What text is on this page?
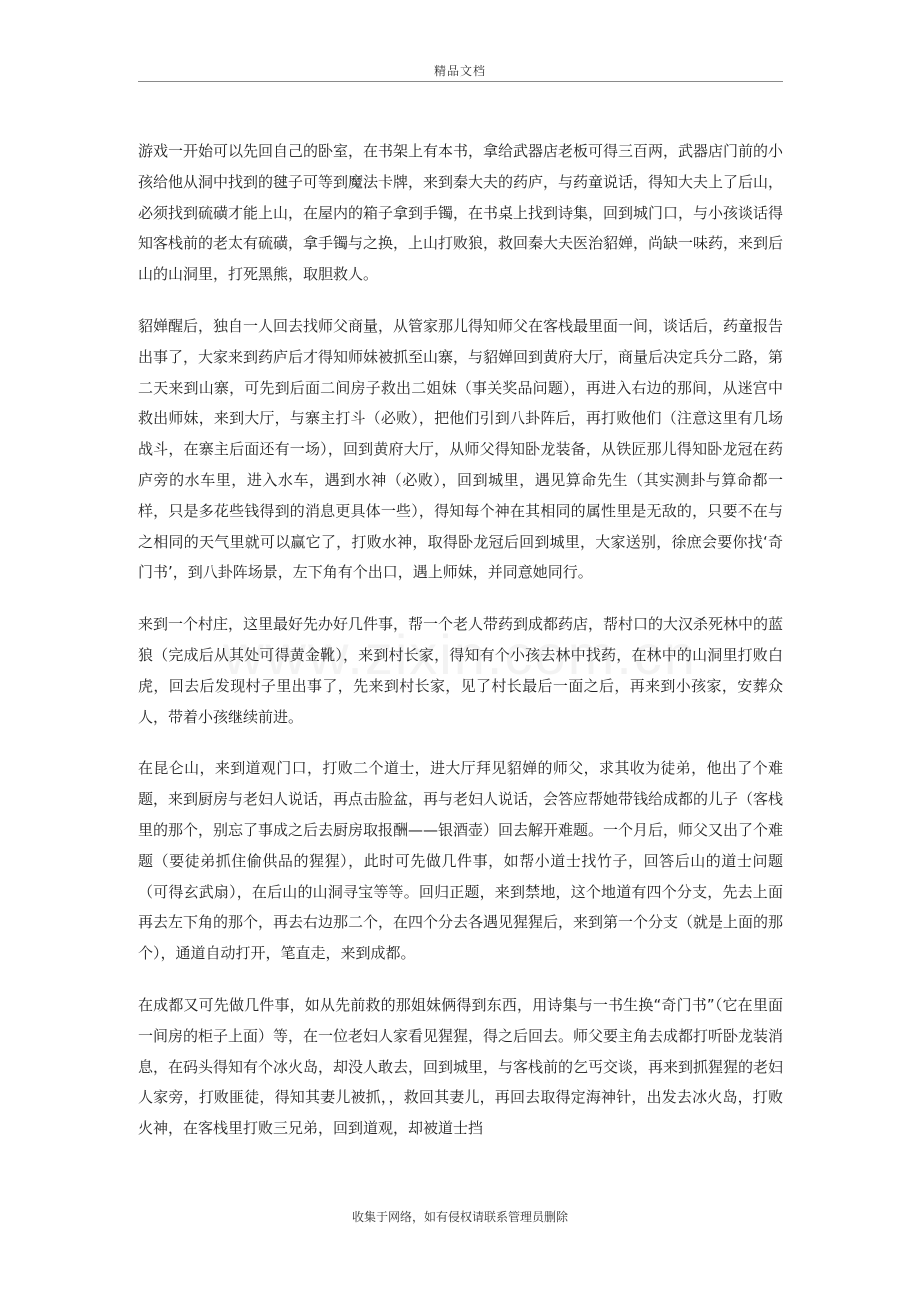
精品文档

游戏一开始可以先回自己的卧室，在书架上有本书，拿给武器店老板可得三百两，武器店门前的小孩给他从洞中找到的毽子可等到魔法卡牌，来到秦大夫的药庐，与药童说话，得知大夫上了后山，必须找到硫磺才能上山，在屋内的箱子拿到手镯，在书桌上找到诗集，回到城门口，与小孩谈话得知客栈前的老太有硫磺，拿手镯与之换，上山打败狼，救回秦大夫医治貂婵，尚缺一味药，来到后山的山洞里，打死黑熊，取胆救人。

貂婵醒后，独自一人回去找师父商量，从管家那儿得知师父在客栈最里面一间，谈话后，药童报告出事了，大家来到药庐后才得知师妹被抓至山寨，与貂婵回到黄府大厅，商量后决定兵分二路，第二天来到山寨，可先到后面二间房子救出二姐妹（事关奖品问题），再进入右边的那间，从迷宫中救出师妹，来到大厅，与寨主打斗（必败），把他们引到八卦阵后，再打败他们（注意这里有几场战斗，在寨主后面还有一场），回到黄府大厅，从师父得知卧龙装备，从铁匠那儿得知卧龙冠在药庐旁的水车里，进入水车，遇到水神（必败），回到城里，遇见算命先生（其实测卦与算命都一样，只是多花些钱得到的消息更具体一些），得知每个神在其相同的属性里是无敌的，只要不在与之相同的天气里就可以赢它了，打败水神，取得卧龙冠后回到城里，大家送别，徐庶会要你找‘奇门书’，到八卦阵场景，左下角有个出口，遇上师妹，并同意她同行。

来到一个村庄，这里最好先办好几件事，帮一个老人带药到成都药店，帮村口的大汉杀死林中的蓝狼（完成后从其处可得黄金靴），来到村长家，得知有个小孩去林中找药，在林中的山洞里打败白虎，回去后发现村子里出事了，先来到村长家，见了村长最后一面之后，再来到小孩家，安葬众人，带着小孩继续前进。

在昆仑山，来到道观门口，打败二个道士，进大厅拜见貂婵的师父，求其收为徒弟，他出了个难题，来到厨房与老妇人说话，再点击脸盆，再与老妇人说话，会答应帮她带钱给成都的儿子（客栈里的那个，别忘了事成之后去厨房取报酬——银酒壶）回去解开难题。一个月后，师父又出了个难题（要徒弟抓住偷供品的猩猩），此时可先做几件事，如帮小道士找竹子，回答后山的道士问题（可得玄武扇），在后山的山洞寻宝等等。回归正题，来到禁地，这个地道有四个分支，先去上面再去左下角的那个，再去右边那二个，在四个分去各遇见猩猩后，来到第一个分支（就是上面的那个），通道自动打开，笔直走，来到成都。

在成都又可先做几件事，如从先前救的那姐妹俩得到东西，用诗集与一书生换“奇门书”（它在里面一间房的柜子上面）等，在一位老妇人家看见猩猩，得之后回去。师父要主角去成都打听卧龙装消息，在码头得知有个冰火岛，却没人敢去，回到城里，与客栈前的乞丐交谈，再来到抓猩猩的老妇人家旁，打败匪徒，得知其妻儿被抓，，救回其妻儿，再回去取得定海神针，出发去冰火岛，打败火神，在客栈里打败三兄弟，回到道观，却被道士挡

收集于网络，如有侵权请联系管理员删除
